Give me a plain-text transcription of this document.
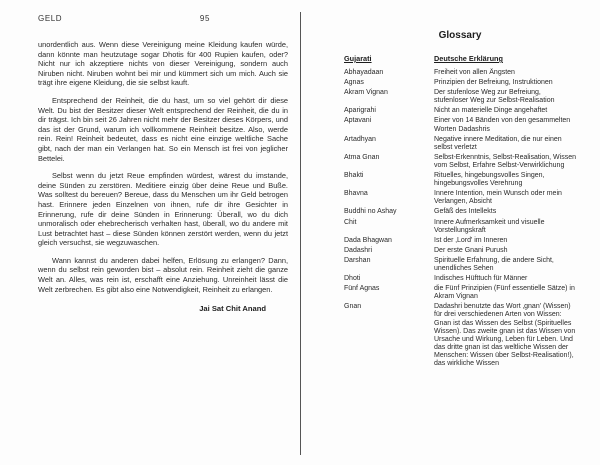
GELD	95

unordentlich aus. Wenn diese Vereinigung meine Kleidung kaufen würde, dann könnte man heutzutage sogar Dhotis für 400 Rupien kaufen, oder? Nicht nur ich akzeptiere nichts von dieser Vereinigung, sondern auch Niruben nicht. Niruben wohnt bei mir und kümmert sich um mich. Auch sie trägt ihre eigene Kleidung, die sie selbst kauft.

Entsprechend der Reinheit, die du hast, um so viel gehört dir diese Welt. Du bist der Besitzer dieser Welt entsprechend der Reinheit, die du in dir trägst. Ich bin seit 26 Jahren nicht mehr der Besitzer dieses Körpers, und das ist der Grund, warum ich vollkommene Reinheit besitze. Also, werde rein. Rein! Reinheit bedeutet, dass es nicht eine einzige weltliche Sache gibt, nach der man ein Verlangen hat. So ein Mensch ist frei von jeglicher Bettelei.

Selbst wenn du jetzt Reue empfinden würdest, wärest du imstande, deine Sünden zu zerstören. Meditiere einzig über deine Reue und Buße. Was solltest du bereuen? Bereue, dass du Menschen um ihr Geld betrogen hast. Erinnere jeden Einzelnen von ihnen, rufe dir ihre Gesichter in Erinnerung, rufe dir deine Sünden in Erinnerung: Überall, wo du dich unmoralisch oder ehebrecherisch verhalten hast, überall, wo du andere mit Lust betrachtet hast – diese Sünden können zerstört werden, wenn du jetzt gleich versuchst, sie wegzuwaschen.

Wann kannst du anderen dabei helfen, Erlösung zu erlangen? Dann, wenn du selbst rein geworden bist – absolut rein. Reinheit zieht die ganze Welt an. Alles, was rein ist, erschafft eine Anziehung. Unreinheit lässt die Welt zerbrechen. Es gibt also eine Notwendigkeit, Reinheit zu erlangen.

Jai Sat Chit Anand
Glossary
Gujarati	Deutsche Erklärung
Abhayadaan	Freiheit von allen Ängsten
Agnas	Prinzipien der Befreiung, Instruktionen
Akram Vignan	Der stufenlose Weg zur Befreiung, stufenloser Weg zur Selbst-Realisation
Aparigrahi	Nicht an materielle Dinge angehaftet
Aptavani	Einer von 14 Bänden von den gesammelten Worten Dadashris
Artadhyan	Negative innere Meditation, die nur einen selbst verletzt
Atma Gnan	Selbst-Erkenntnis, Selbst-Realisation, Wissen vom Selbst, Erfahre Selbst-Verwirklichung
Bhakti	Rituelles, hingebungsvolles Singen, hingebungsvolles Verehrung
Bhavna	Innere Intention, mein Wunsch oder mein Verlangen, Absicht
Buddhi no Ashay	Gefäß des Intellekts
Chit	Innere Aufmerksamkeit und visuelle Vorstellungskraft
Dada Bhagwan	Ist der ‚Lord' im Inneren
Dadashri	Der erste Gnani Purush
Darshan	Spirituelle Erfahrung, die andere Sicht, unendliches Sehen
Dhoti	Indisches Hüfttuch für Männer
Fünf Agnas	die Fünf Prinzipien (Fünf essentielle Sätze) in Akram Vignan
Gnan	Dadashri benutzte das Wort ‚gnan' (Wissen) für drei verschiedenen Arten von Wissen: Gnan ist das Wissen des Selbst (Spirituelles Wissen). Das zweite gnan ist das Wissen von Ursache und Wirkung, Leben für Leben. Und das dritte gnan ist das weltliche Wissen der Menschen: Wissen über Selbst-Realisation!), das wirkliche Wissen
